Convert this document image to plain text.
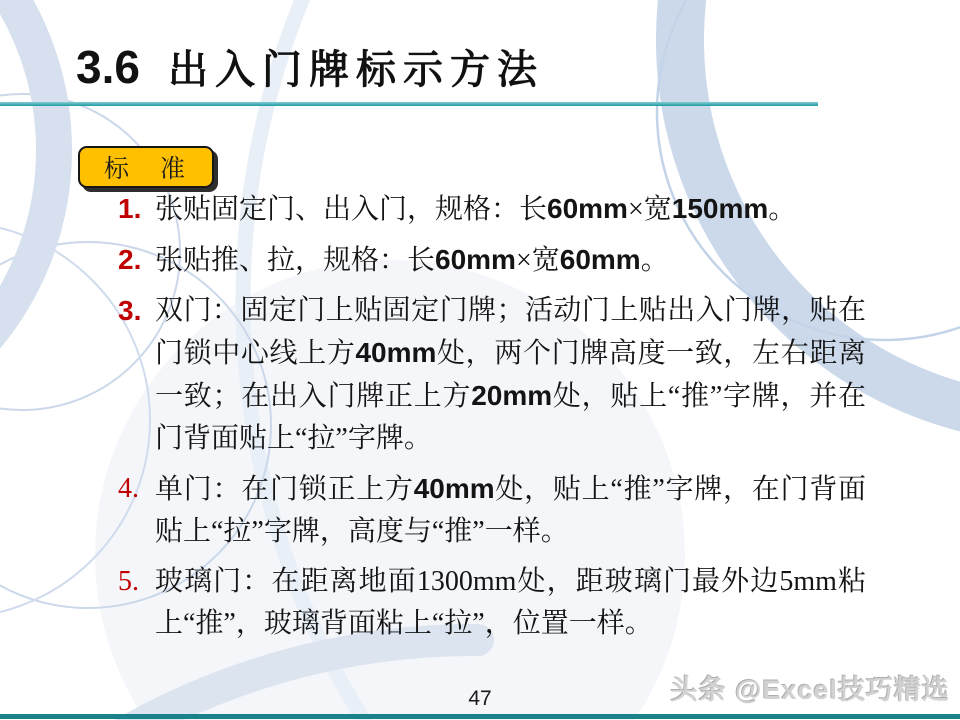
3.6 出入门牌标示方法
标　准
1. 张贴固定门、出入门，规格：长60mm×宽150mm。
2. 张贴推、拉，规格：长60mm×宽60mm。
3. 双门：固定门上贴固定门牌；活动门上贴出入门牌，贴在门锁中心线上方40mm处，两个门牌高度一致，左右距离一致；在出入门牌正上方20mm处，贴上“推”字牌，并在门背面贴上“拉”字牌。
4. 单门：在门锁正上方40mm处，贴上“推”字牌，在门背面贴上“拉”字牌，高度与“推”一样。
5. 玻璃门：在距离地面1300mm处，距玻璃门最外边5mm粘上“推”，玻璃背面粘上“拉”，位置一样。
47	头条 @Excel技巧精选
